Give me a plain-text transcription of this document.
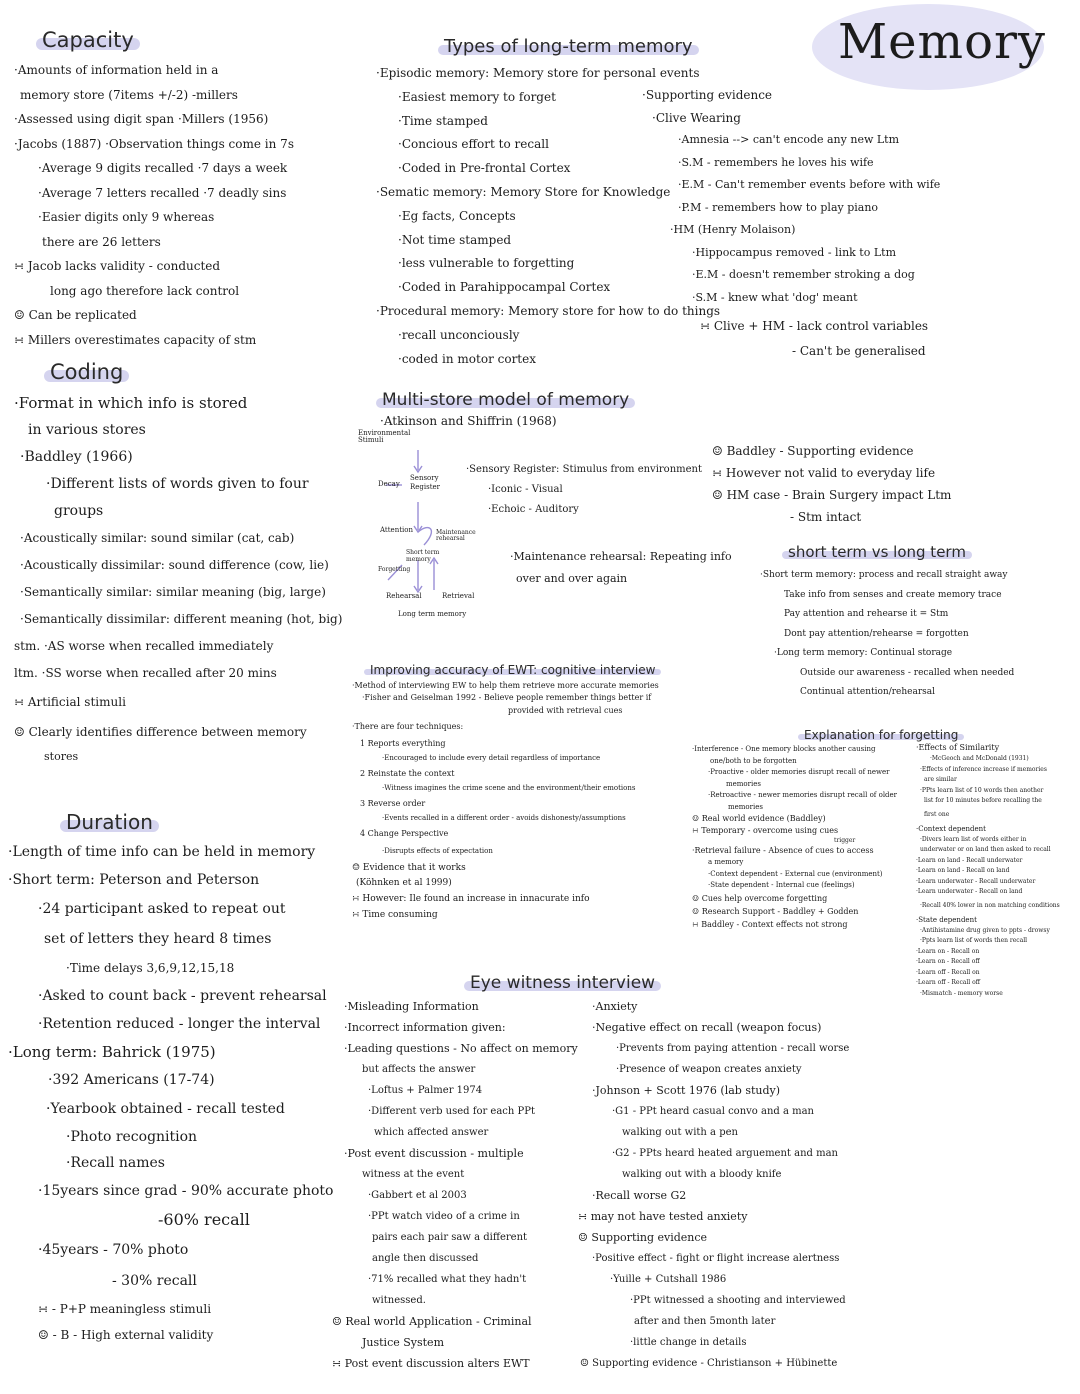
Memory
Capacity
·Amounts of information held in a
memory store (7items +/-2) -millers
·Assessed using digit span ·Millers (1956)
·Jacobs (1887) ·Observation things come in 7s
·Average 9 digits recalled ·7 days a week
·Average 7 letters recalled ·7 deadly sins
·Easier digits only 9 whereas
there are 26 letters
∺ Jacob lacks validity - conducted
long ago therefore lack control
☺ Can be replicated
∺ Millers overestimates capacity of stm
Coding
·Format in which info is stored
in various stores
·Baddley (1966)
·Different lists of words given to four
groups
·Acoustically similar: sound similar (cat, cab)
·Acoustically dissimilar: sound difference (cow, lie)
·Semantically similar: similar meaning (big, large)
·Semantically dissimilar: different meaning (hot, big)
stm. ·AS worse when recalled immediately
ltm. ·SS worse when recalled after 20 mins
∺ Artificial stimuli
☺ Clearly identifies difference between memory
stores
Duration
·Length of time info can be held in memory
·Short term: Peterson and Peterson
·24 participant asked to repeat out
set of letters they heard 8 times
·Time delays 3,6,9,12,15,18
·Asked to count back - prevent rehearsal
·Retention reduced - longer the interval
·Long term: Bahrick (1975)
·392 Americans (17-74)
·Yearbook obtained - recall tested
·Photo recognition
·Recall names
·15years since grad - 90% accurate photo
-60% recall
·45years - 70% photo
- 30% recall
∺ - P+P meaningless stimuli
☺ - B - High external validity
Types of long-term memory
·Episodic memory: Memory store for personal events
·Easiest memory to forget
·Time stamped
·Concious effort to recall
·Coded in Pre-frontal Cortex
·Sematic memory: Memory Store for Knowledge
·Eg facts, Concepts
·Not time stamped
·less vulnerable to forgetting
·Coded in Parahippocampal Cortex
·Procedural memory: Memory store for how to do things
·recall unconciously
·coded in motor cortex
·Supporting evidence
·Clive Wearing
·Amnesia --> can't encode any new Ltm
·S.M - remembers he loves his wife
·E.M - Can't remember events before with wife
·P.M - remembers how to play piano
·HM (Henry Molaison)
·Hippocampus removed - link to Ltm
·E.M - doesn't remember stroking a dog
·S.M - knew what 'dog' meant
∺ Clive + HM - lack control variables
- Can't be generalised
Multi-store model of memory
·Atkinson and Shiffrin (1968)
Environmental Stimuli
Decay
Sensory Register
Attention
Short term memory
Maintenance rehearsal
Forgetting
Rehearsal	Retrieval
Long term memory
·Sensory Register: Stimulus from environment
·Iconic - Visual
·Echoic - Auditory
·Maintenance rehearsal: Repeating info
over and over again
☺ Baddley - Supporting evidence
∺ However not valid to everyday life
☺ HM case - Brain Surgery impact Ltm
- Stm intact
short term vs long term
·Short term memory: process and recall straight away
Take info from senses and create memory trace
Pay attention and rehearse it = Stm
Dont pay attention/rehearse = forgotten
·Long term memory: Continual storage
Outside our awareness - recalled when needed
Continual attention/rehearsal
Improving accuracy of EWT: cognitive interview
·Method of interviewing EW to help them retrieve more accurate memories
·Fisher and Geiselman 1992 - Believe people remember things better if
provided with retrieval cues
·There are four techniques:
1 Reports everything
·Encouraged to include every detail regardless of importance
2 Reinstate the context
·Witness imagines the crime scene and the environment/their emotions
3 Reverse order
·Events recalled in a different order - avoids dishonesty/assumptions
4 Change Perspective
·Disrupts effects of expectation
☺ Evidence that it works
(Köhnken et al 1999)
∺ However: Ile found an increase in innacurate info
∺ Time consuming
Explanation for forgetting
·Interference - One memory blocks another causing
one/both to be forgotten
·Proactive - older memories disrupt recall of newer
memories
·Retroactive - newer memories disrupt recall of older
memories
☺ Real world evidence (Baddley)
∺ Temporary - overcome using cues
trigger
·Retrieval failure - Absence of cues to access
a memory
·Context dependent - External cue (environment)
·State dependent - Internal cue (feelings)
☺ Cues help overcome forgetting
☺ Research Support - Baddley + Godden
∺ Baddley - Context effects not strong
·Effects of Similarity
·McGeoch and McDonald (1931)
·Effects of inference increase if memories
are similar
·PPts learn list of 10 words then another
list for 10 minutes before recalling the
first one
·Context dependent
·Divers learn list of words either in
underwater or on land then asked to recall
·Learn on land - Recall underwater
·Learn on land - Recall on land
·Learn underwater - Recall underwater
·Learn underwater - Recall on land
·Recall 40% lower in non matching conditions
·State dependent
·Antihistamine drug given to ppts - drowsy
·Ppts learn list of words then recall
·Learn on - Recall on
·Learn on - Recall off
·Learn off - Recall on
·Learn off - Recall off
·Mismatch - memory worse
Eye witness interview
·Misleading Information
·Incorrect information given:
·Leading questions - No affect on memory
but affects the answer
·Loftus + Palmer 1974
·Different verb used for each PPt
which affected answer
·Post event discussion - multiple
witness at the event
·Gabbert et al 2003
·PPt watch video of a crime in
pairs each pair saw a different
angle then discussed
·71% recalled what they hadn't
witnessed.
☺ Real world Application - Criminal
Justice System
∺ Post event discussion alters EWT
·Anxiety
·Negative effect on recall (weapon focus)
·Prevents from paying attention - recall worse
·Presence of weapon creates anxiety
·Johnson + Scott 1976 (lab study)
·G1 - PPt heard casual convo and a man
walking out with a pen
·G2 - PPts heard heated arguement and man
walking out with a bloody knife
·Recall worse G2
∺ may not have tested anxiety
☺ Supporting evidence
·Positive effect - fight or flight increase alertness
·Yuille + Cutshall 1986
·PPt witnessed a shooting and interviewed
after and then 5month later
·little change in details
☺ Supporting evidence - Christianson + Hübinette
